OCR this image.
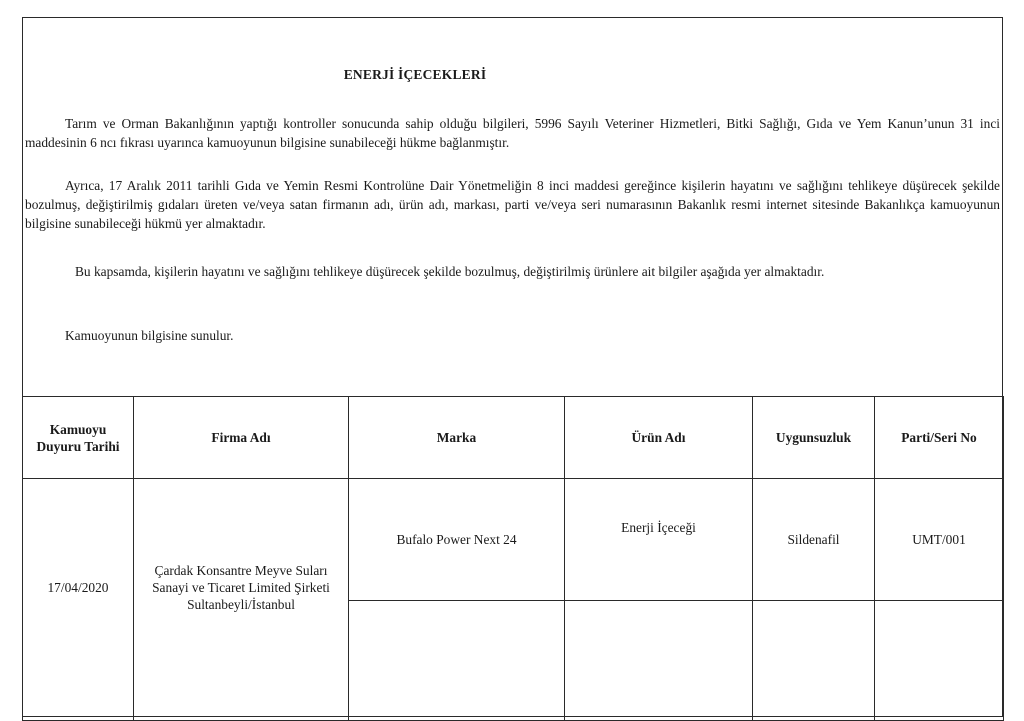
ENERJİ İÇECEKLERİ

Tarım ve Orman Bakanlığının yaptığı kontroller sonucunda sahip olduğu bilgileri, 5996 Sayılı Veteriner Hizmetleri, Bitki Sağlığı, Gıda ve Yem Kanun’unun 31 inci maddesinin 6 ncı fıkrası uyarınca kamuoyunun bilgisine sunabileceği hükme bağlanmıştır.

Ayrıca, 17 Aralık 2011 tarihli Gıda ve Yemin Resmi Kontrolüne Dair Yönetmeliğin 8 inci maddesi gereğince kişilerin hayatını ve sağlığını tehlikeye düşürecek şekilde bozulmuş, değiştirilmiş gıdaları üreten ve/veya satan firmanın adı, ürün adı, markası, parti ve/veya seri numarasının Bakanlık resmi internet sitesinde Bakanlıkça kamuoyunun bilgisine sunabileceği hükmü yer almaktadır.

Bu kapsamda, kişilerin hayatını ve sağlığını tehlikeye düşürecek şekilde bozulmuş, değiştirilmiş ürünlere ait bilgiler aşağıda yer almaktadır.

Kamuoyunun bilgisine sunulur.

Kamuoyu Duyuru Tarihi	Firma Adı	Marka	Ürün Adı	Uygunsuzluk	Parti/Seri No
17/04/2020	Çardak Konsantre Meyve Suları Sanayi ve Ticaret Limited Şirketi Sultanbeyli/İstanbul	Bufalo Power Next 24	Enerji İçeceği	Sildenafil	UMT/001
